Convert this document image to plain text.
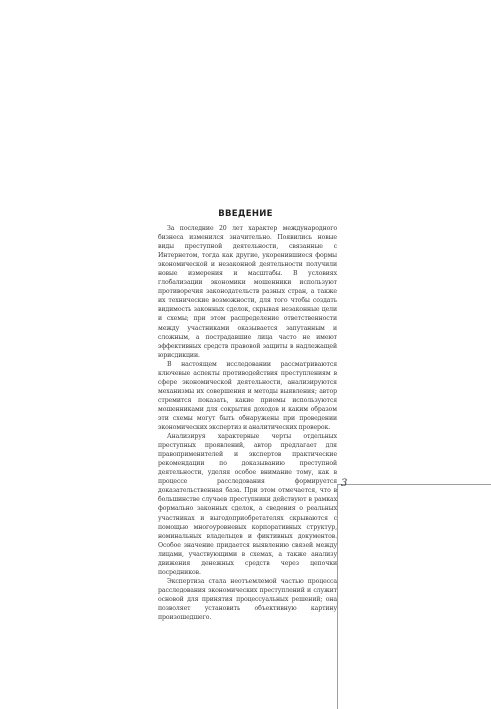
ВВЕДЕНИЕ

За последние 20 лет характер международного бизнеса изменился значительно. Появились новые виды преступной деятельности, связанные с Интернетом, тогда как другие, укоренившиеся формы экономической и незаконной деятельности получили новые измерения и масштабы. В условиях глобализации экономики мошенники используют противоречия законодательств разных стран, а также их технические возможности, для того чтобы создать видимость законных сделок, скрывая незаконные цели и схемы; при этом распределение ответственности между участниками оказывается запутанным и сложным, а пострадавшие лица часто не имеют эффективных средств правовой защиты в надлежащей юрисдикции.

В настоящем исследовании рассматриваются ключевые аспекты противодействия преступлениям в сфере экономической деятельности, анализируются механизмы их совершения и методы выявления; автор стремится показать, какие приемы используются мошенниками для сокрытия доходов и каким образом эти схемы могут быть обнаружены при проведении экономических экспертиз и аналитических проверок.

Анализируя характерные черты отдельных преступных проявлений, автор предлагает для правоприменителей и экспертов практические рекомендации по доказыванию преступной деятельности, уделяя особое внимание тому, как в процессе расследования формируется доказательственная база. При этом отмечается, что в большинстве случаев преступники действуют в рамках формально законных сделок, а сведения о реальных участниках и выгодоприобретателях скрываются с помощью многоуровневых корпоративных структур, номинальных владельцев и фиктивных документов. Особое значение придается выявлению связей между лицами, участвующими в схемах, а также анализу движения денежных средств через цепочки посредников.

Экспертиза стала неотъемлемой частью процесса расследования экономических преступлений и служит основой для принятия процессуальных решений; она позволяет установить объективную картину произошедшего.

3
